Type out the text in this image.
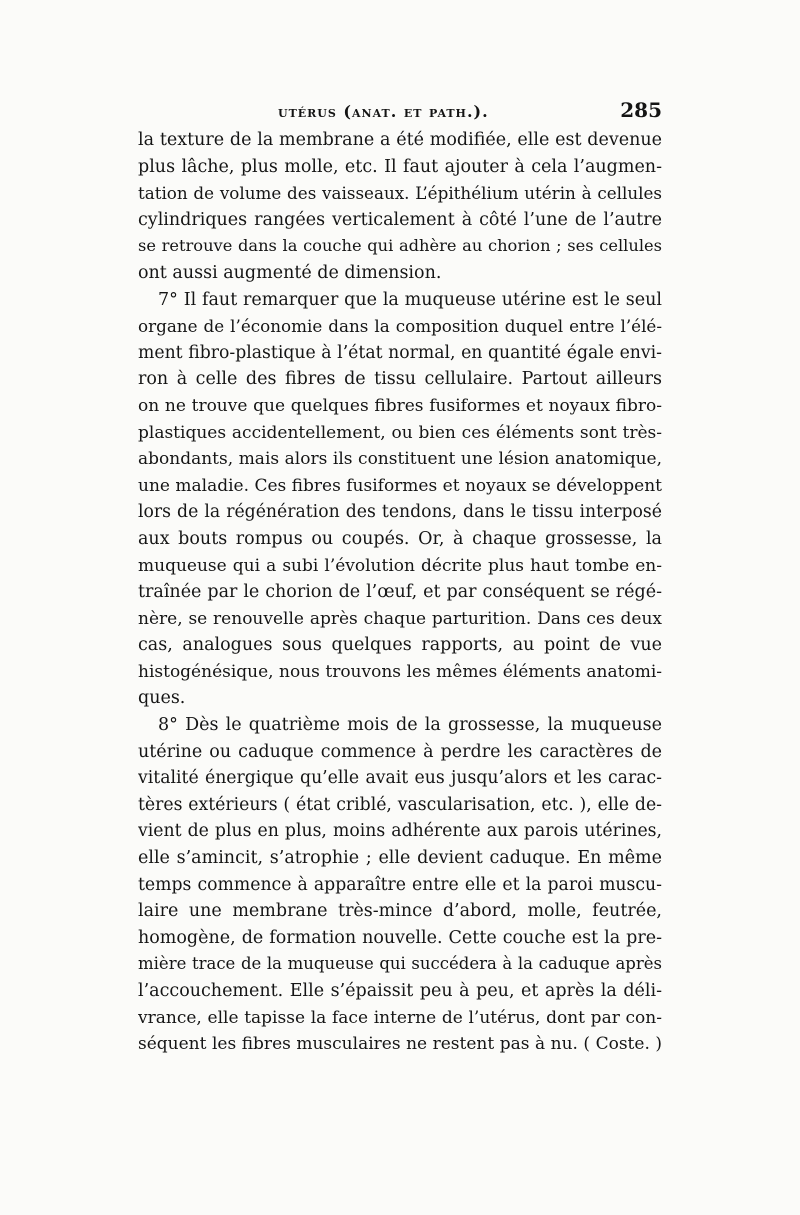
utérus (anat. et path.).	285
la texture de la membrane a été modifiée, elle est devenue
plus lâche, plus molle, etc. Il faut ajouter à cela l’augmen-
tation de volume des vaisseaux. L’épithélium utérin à cellules
cylindriques rangées verticalement à côté l’une de l’autre
se retrouve dans la couche qui adhère au chorion ; ses cellules
ont aussi augmenté de dimension.
7° Il faut remarquer que la muqueuse utérine est le seul
organe de l’économie dans la composition duquel entre l’élé-
ment fibro-plastique à l’état normal, en quantité égale envi-
ron à celle des fibres de tissu cellulaire. Partout ailleurs
on ne trouve que quelques fibres fusiformes et noyaux fibro-
plastiques accidentellement, ou bien ces éléments sont très-
abondants, mais alors ils constituent une lésion anatomique,
une maladie. Ces fibres fusiformes et noyaux se développent
lors de la régénération des tendons, dans le tissu interposé
aux bouts rompus ou coupés. Or, à chaque grossesse, la
muqueuse qui a subi l’évolution décrite plus haut tombe en-
traînée par le chorion de l’œuf, et par conséquent se régé-
nère, se renouvelle après chaque parturition. Dans ces deux
cas, analogues sous quelques rapports, au point de vue
histogénésique, nous trouvons les mêmes éléments anatomi-
ques.
8° Dès le quatrième mois de la grossesse, la muqueuse
utérine ou caduque commence à perdre les caractères de
vitalité énergique qu’elle avait eus jusqu’alors et les carac-
tères extérieurs ( état criblé, vascularisation, etc. ), elle de-
vient de plus en plus, moins adhérente aux parois utérines,
elle s’amincit, s’atrophie ; elle devient caduque. En même
temps commence à apparaître entre elle et la paroi muscu-
laire une membrane très-mince d’abord, molle, feutrée,
homogène, de formation nouvelle. Cette couche est la pre-
mière trace de la muqueuse qui succédera à la caduque après
l’accouchement. Elle s’épaissit peu à peu, et après la déli-
vrance, elle tapisse la face interne de l’utérus, dont par con-
séquent les fibres musculaires ne restent pas à nu. ( Coste. )
